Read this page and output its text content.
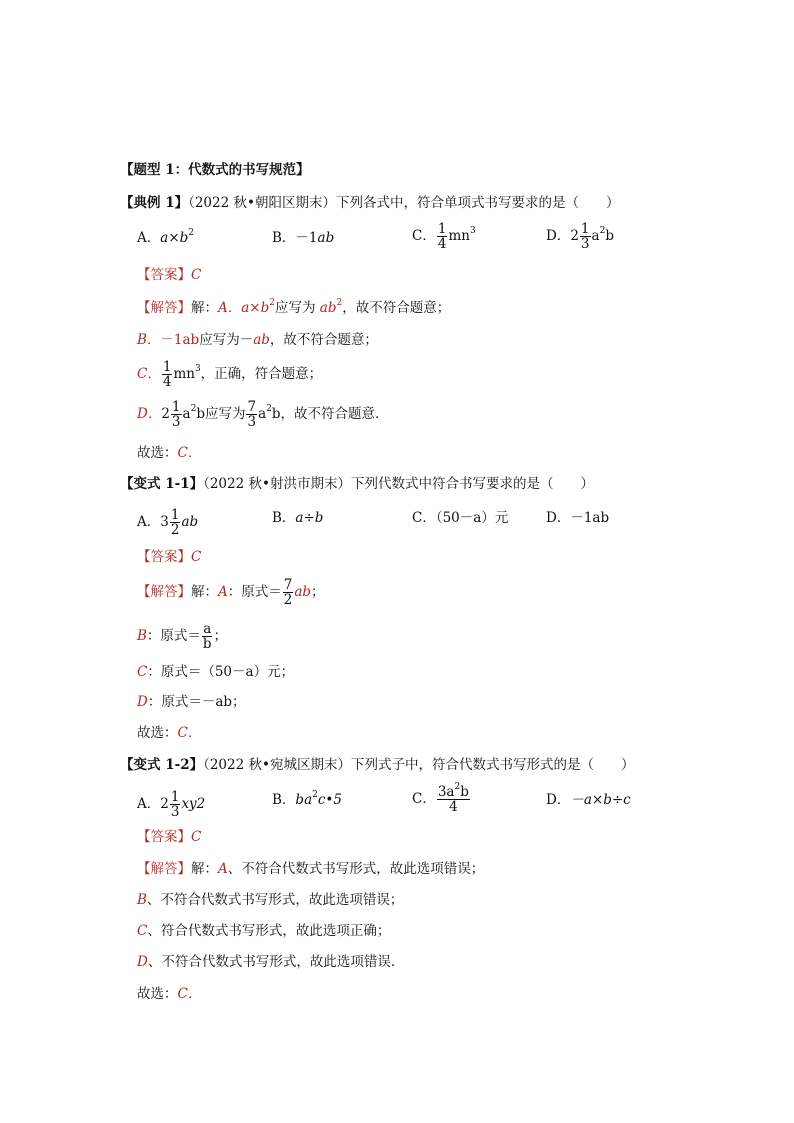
【题型 1：代数式的书写规范】
【典例 1】（2022 秋•朝阳区期末）下列各式中，符合单项式书写要求的是（　　）
A．$a\times b^2$	B．－1ab	C． $\frac{1}{4} mn^3$	D．$2 \frac{1}{3} a^2b$
【答案】C
【解答】解：A．$a\times b^2$应写为 $ab^2$，故不符合题意；
B．－1ab应写为－ab，故不符合题意；
C． $\frac{1}{4} mn^3$，正确，符合题意；
D．$2 \frac{1}{3} a^2b$应写为 $\frac{7}{3} a^2b$，故不符合题意．
故选：C．
【变式 1-1】（2022 秋•射洪市期末）下列代数式中符合书写要求的是（　　）
A．$3 \frac{1}{2}$ ab	B．a÷b	C．（50－a）元	D．－1ab
【答案】C
【解答】解：A：原式＝ $\frac{7}{2}$ ab；
B：原式＝ $\frac{a}{b}$ ；
C：原式＝（50－a）元；
D：原式＝－ab；
故选：C．
【变式 1-2】（2022 秋•宛城区期末）下列式子中，符合代数式书写形式的是（　　）
A．$2 \frac{1}{3} xy2$	B．$ba^2c•5$	C． $\frac{3a^2b}{4}$	D．－a×b÷c
【答案】C
【解答】解：A、不符合代数式书写形式，故此选项错误；
B、不符合代数式书写形式，故此选项错误；
C、符合代数式书写形式，故此选项正确；
D、不符合代数式书写形式，故此选项错误．
故选：C．
